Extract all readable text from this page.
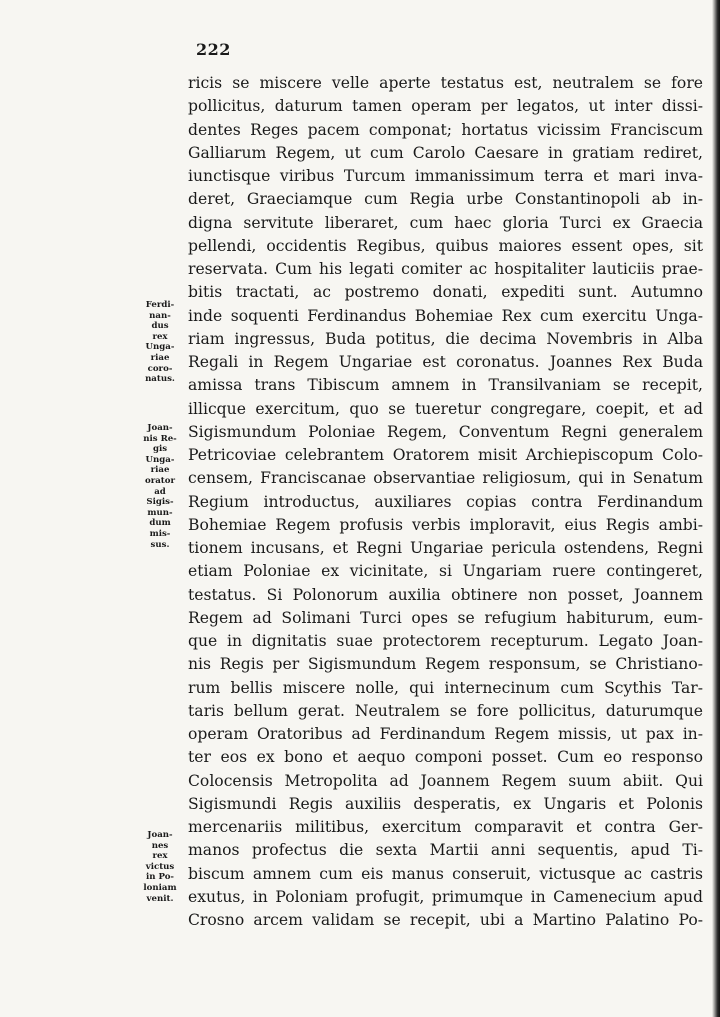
222
ricis se miscere velle aperte testatus est, neutralem se fore
pollicitus, daturum tamen operam per legatos, ut inter dissi-
dentes Reges pacem componat; hortatus vicissim Franciscum
Galliarum Regem, ut cum Carolo Caesare in gratiam rediret,
iunctisque viribus Turcum immanissimum terra et mari inva-
deret, Graeciamque cum Regia urbe Constantinopoli ab in-
digna servitute liberaret, cum haec gloria Turci ex Graecia
pellendi, occidentis Regibus, quibus maiores essent opes, sit
reservata. Cum his legati comiter ac hospitaliter lauticiis prae-
bitis tractati, ac postremo donati, expediti sunt. Autumno
inde soquenti Ferdinandus Bohemiae Rex cum exercitu Unga-
riam ingressus, Buda potitus, die decima Novembris in Alba
Regali in Regem Ungariae est coronatus. Joannes Rex Buda
amissa trans Tibiscum amnem in Transilvaniam se recepit,
illicque exercitum, quo se tueretur congregare, coepit, et ad
Sigismundum Poloniae Regem, Conventum Regni generalem
Petricoviae celebrantem Oratorem misit Archiepiscopum Colo-
censem, Franciscanae observantiae religiosum, qui in Senatum
Regium introductus, auxiliares copias contra Ferdinandum
Bohemiae Regem profusis verbis imploravit, eius Regis ambi-
tionem incusans, et Regni Ungariae pericula ostendens, Regni
etiam Poloniae ex vicinitate, si Ungariam ruere contingeret,
testatus. Si Polonorum auxilia obtinere non posset, Joannem
Regem ad Solimani Turci opes se refugium habiturum, eum-
que in dignitatis suae protectorem recepturum. Legato Joan-
nis Regis per Sigismundum Regem responsum, se Christiano-
rum bellis miscere nolle, qui internecinum cum Scythis Tar-
taris bellum gerat. Neutralem se fore pollicitus, daturumque
operam Oratoribus ad Ferdinandum Regem missis, ut pax in-
ter eos ex bono et aequo componi posset. Cum eo responso
Colocensis Metropolita ad Joannem Regem suum abiit. Qui
Sigismundi Regis auxiliis desperatis, ex Ungaris et Polonis
mercenariis militibus, exercitum comparavit et contra Ger-
manos profectus die sexta Martii anni sequentis, apud Ti-
biscum amnem cum eis manus conseruit, victusque ac castris
exutus, in Poloniam profugit, primumque in Camenecium apud
Crosno arcem validam se recepit, ubi a Martino Palatino Po-
Ferdi-
nan-
dus
rex
Unga-
riae
coro-
natus.
Joan-
nis Re-
gis
Unga-
riae
orator
ad
Sigis-
mun-
dum
mis-
sus.
Joan-
nes
rex
victus
in Po-
loniam
venit.
